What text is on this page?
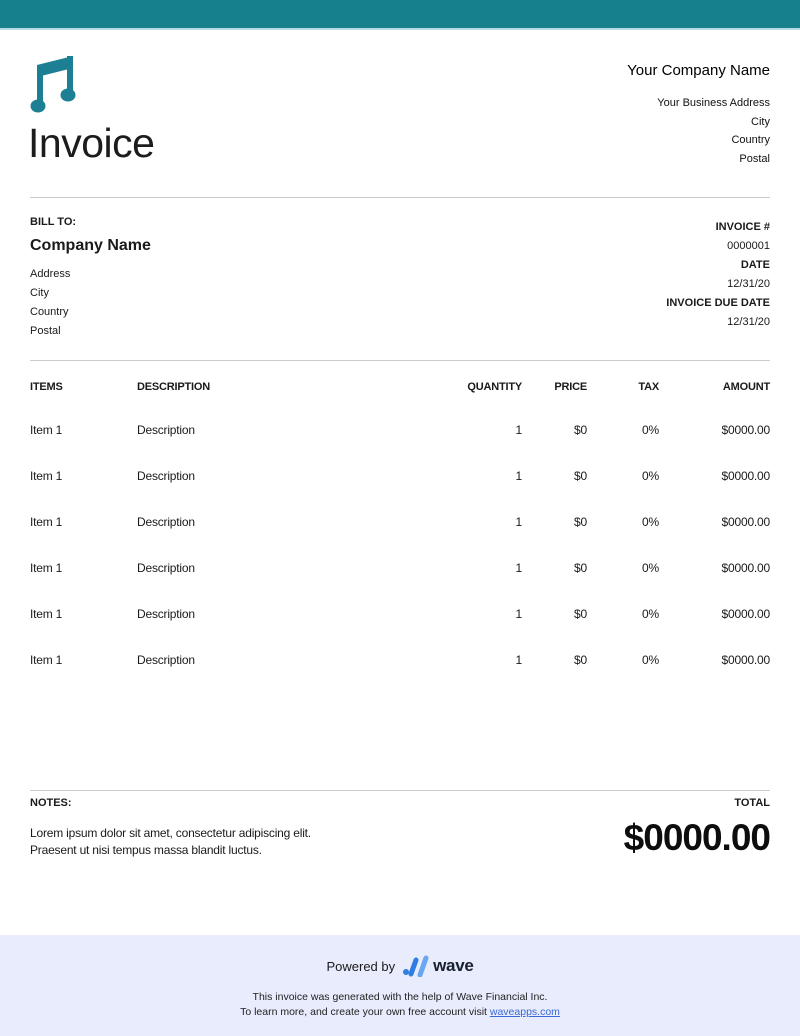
Invoice
Your Company Name
Your Business Address
City
Country
Postal
BILL TO:
Company Name
Address
City
Country
Postal
INVOICE #
0000001
DATE
12/31/20
INVOICE DUE DATE
12/31/20
ITEMS	DESCRIPTION	QUANTITY	PRICE	TAX	AMOUNT
Item 1	Description	1	$0	0%	$0000.00
Item 1	Description	1	$0	0%	$0000.00
Item 1	Description	1	$0	0%	$0000.00
Item 1	Description	1	$0	0%	$0000.00
Item 1	Description	1	$0	0%	$0000.00
Item 1	Description	1	$0	0%	$0000.00
NOTES:
Lorem ipsum dolor sit amet, consectetur adipiscing elit.
Praesent ut nisi tempus massa blandit luctus.
TOTAL
$0000.00
Powered by wave
This invoice was generated with the help of Wave Financial Inc.
To learn more, and create your own free account visit waveapps.com
